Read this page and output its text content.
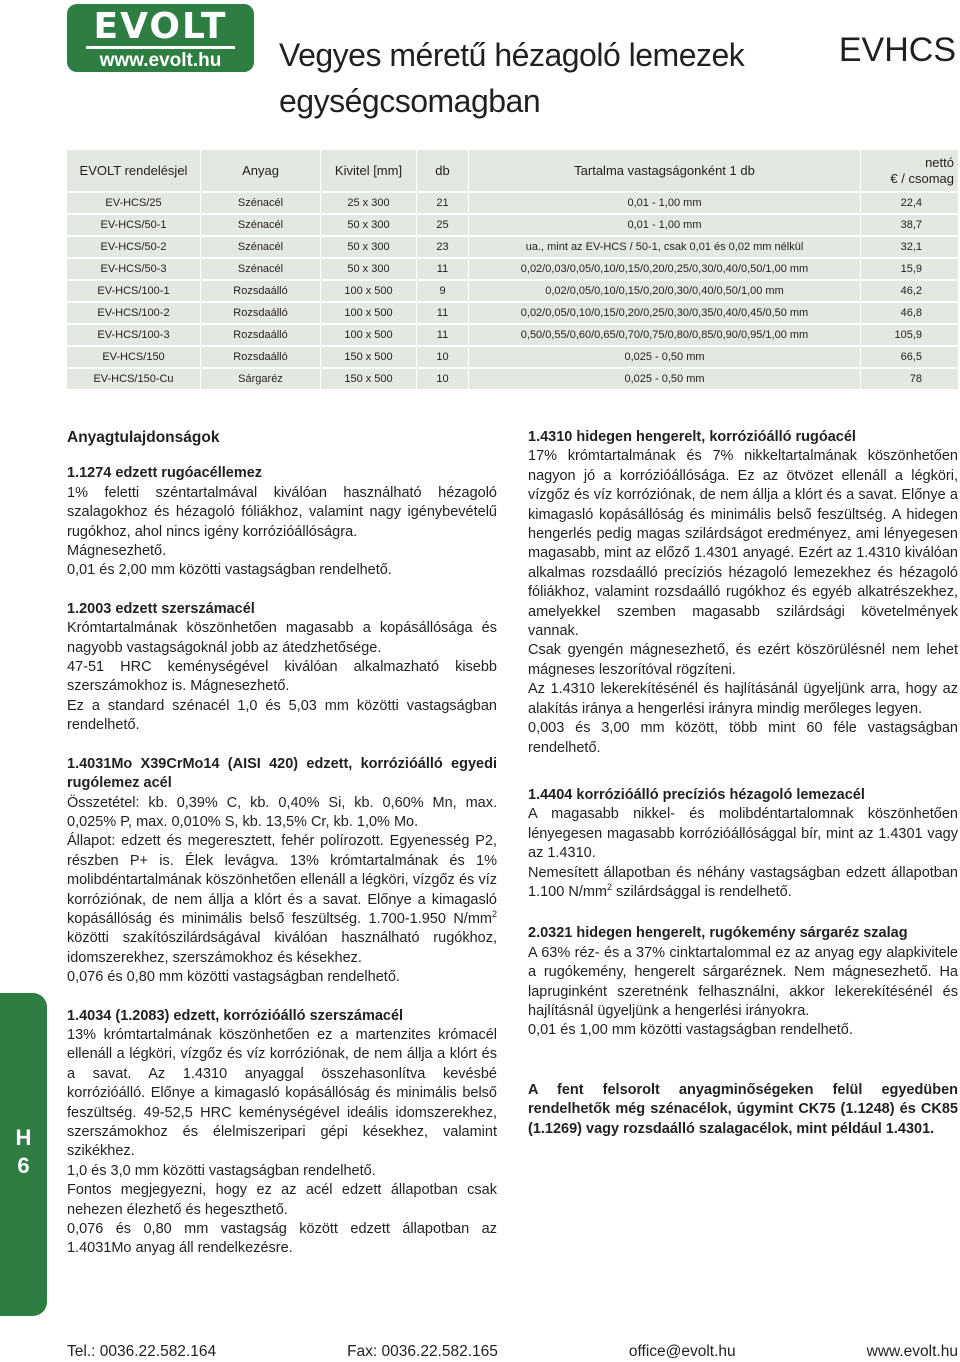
EVOLT
www.evolt.hu	Vegyes méretű hézagoló lemezek
egységcsomagban
EVHCS
EVOLT rendelésjel	Anyag	Kivitel [mm]	db	Tartalma vastagságonként 1 db	nettó
€ / csomag
EV-HCS/25	Szénacél	25 x 300	21	0,01 - 1,00 mm	22,4
EV-HCS/50-1	Szénacél	50 x 300	25	0,01 - 1,00 mm	38,7
EV-HCS/50-2	Szénacél	50 x 300	23	ua., mint az EV-HCS / 50-1, csak 0,01 és 0,02 mm nélkül	32,1
EV-HCS/50-3	Szénacél	50 x 300	11	0,02/0,03/0,05/0,10/0,15/0,20/0,25/0,30/0,40/0,50/1,00 mm	15,9
EV-HCS/100-1	Rozsdaálló	100 x 500	9	0,02/0,05/0,10/0,15/0,20/0,30/0,40/0,50/1,00 mm	46,2
EV-HCS/100-2	Rozsdaálló	100 x 500	11	0,02/0,05/0,10/0,15/0,20/0,25/0,30/0,35/0,40/0,45/0,50 mm	46,8
EV-HCS/100-3	Rozsdaálló	100 x 500	11	0,50/0,55/0,60/0,65/0,70/0,75/0,80/0,85/0,90/0,95/1,00 mm	105,9
EV-HCS/150	Rozsdaálló	150 x 500	10	0,025 - 0,50 mm	66,5
EV-HCS/150-Cu	Sárgaréz	150 x 500	10	0,025 - 0,50 mm	78
Anyagtulajdonságok

1.1274 edzett rugóacéllemez

1% feletti széntartalmával kiválóan használható hézagoló szalagokhoz és hézagoló fóliákhoz, valamint nagy igénybevételű rugókhoz, ahol nincs igény korrózióállóságra.

Mágnesezhető.

0,01 és 2,00 mm közötti vastagságban rendelhető.

1.2003 edzett szerszámacél

Krómtartalmának köszönhetően magasabb a kopásállósága és nagyobb vastagságoknál jobb az átedzhetősége.

47-51 HRC keménységével kiválóan alkalmazható kisebb szerszámokhoz is. Mágnesezhető.

Ez a standard szénacél 1,0 és 5,03 mm közötti vastagságban rendelhető.

1.4031Mo X39CrMo14 (AISI 420) edzett, korrózióálló egyedi rugólemez acél

Összetétel: kb. 0,39% C, kb. 0,40% Si, kb. 0,60% Mn, max. 0,025% P, max. 0,010% S, kb. 13,5% Cr, kb. 1,0% Mo.

Állapot: edzett és megeresztett, fehér polírozott. Egyenesség P2, részben P+ is. Élek levágva. 13% krómtartalmának és 1% molibdéntartalmának köszönhetően ellenáll a légköri, vízgőz és víz korróziónak, de nem állja a klórt és a savat. Előnye a kimagasló kopásállóság és minimális belső feszültség. 1.700-1.950 $N/mm^2$ közötti szakítószilárdságával kiválóan használható rugókhoz, idomszerekhez, szerszámokhoz és késekhez.

0,076 és 0,80 mm közötti vastagságban rendelhető.

1.4034 (1.2083) edzett, korrózióálló szerszámacél

13% krómtartalmának köszönhetően ez a martenzites krómacél ellenáll a légköri, vízgőz és víz korróziónak, de nem állja a klórt és a savat. Az 1.4310 anyaggal összehasonlítva kevésbé korrózióálló. Előnye a kimagasló kopásállóság és minimális belső feszültség. 49-52,5 HRC keménységével ideális idomszerekhez, szerszámokhoz és élelmiszeripari gépi késekhez, valamint szikékhez.

1,0 és 3,0 mm közötti vastagságban rendelhető.

Fontos megjegyezni, hogy ez az acél edzett állapotban csak nehezen élezhető és hegeszthető.

0,076 és 0,80 mm vastagság között edzett állapotban az 1.4031Mo anyag áll rendelkezésre.

1.4310 hidegen hengerelt, korrózióálló rugóacél

17% krómtartalmának és 7% nikkeltartalmának köszönhetően nagyon jó a korrózióállósága. Ez az ötvözet ellenáll a légköri, vízgőz és víz korróziónak, de nem állja a klórt és a savat. Előnye a kimagasló kopásállóság és minimális belső feszültség. A hidegen hengerlés pedig magas szilárdságot eredményez, ami lényegesen magasabb, mint az előző 1.4301 anyagé. Ezért az 1.4310 kiválóan alkalmas rozsdaálló precíziós hézagoló lemezekhez és hézagoló fóliákhoz, valamint rozsdaálló rugókhoz és egyéb alkatrészekhez, amelyekkel szemben magasabb szilárdsági követelmények vannak.

Csak gyengén mágnesezhető, és ezért köszörülésnél nem lehet mágneses leszorítóval rögzíteni.

Az 1.4310 lekerekítésénél és hajlításánál ügyeljünk arra, hogy az alakítás iránya a hengerlési irányra mindig merőleges legyen.

0,003 és 3,00 mm között, több mint 60 féle vastagságban rendelhető.

1.4404 korrózióálló precíziós hézagoló lemezacél

A magasabb nikkel- és molibdéntartalomnak köszönhetően lényegesen magasabb korrózióállósággal bír, mint az 1.4301 vagy az 1.4310.

Nemesített állapotban és néhány vastagságban edzett állapotban 1.100 $N/mm^2$ szilárdsággal is rendelhető.

2.0321 hidegen hengerelt, rugókemény sárgaréz szalag

A 63% réz- és a 37% cinktartalommal ez az anyag egy alapkivitele a rugókemény, hengerelt sárgaréznek. Nem mágnesezhető. Ha lapruginként szeretnénk felhasználni, akkor lekerekítésénél és hajlításnál ügyeljünk a hengerlési irányokra.

0,01 és 1,00 mm közötti vastagságban rendelhető.

A fent felsorolt anyagminőségeken felül egyedüben rendelhetők még szénacélok, úgymint CK75 (1.1248) és CK85 (1.1269) vagy rozsdaálló szalagacélok, mint például 1.4301.

H
6
Tel.: 0036.22.582.164	Fax: 0036.22.582.165	office@evolt.hu	www.evolt.hu
